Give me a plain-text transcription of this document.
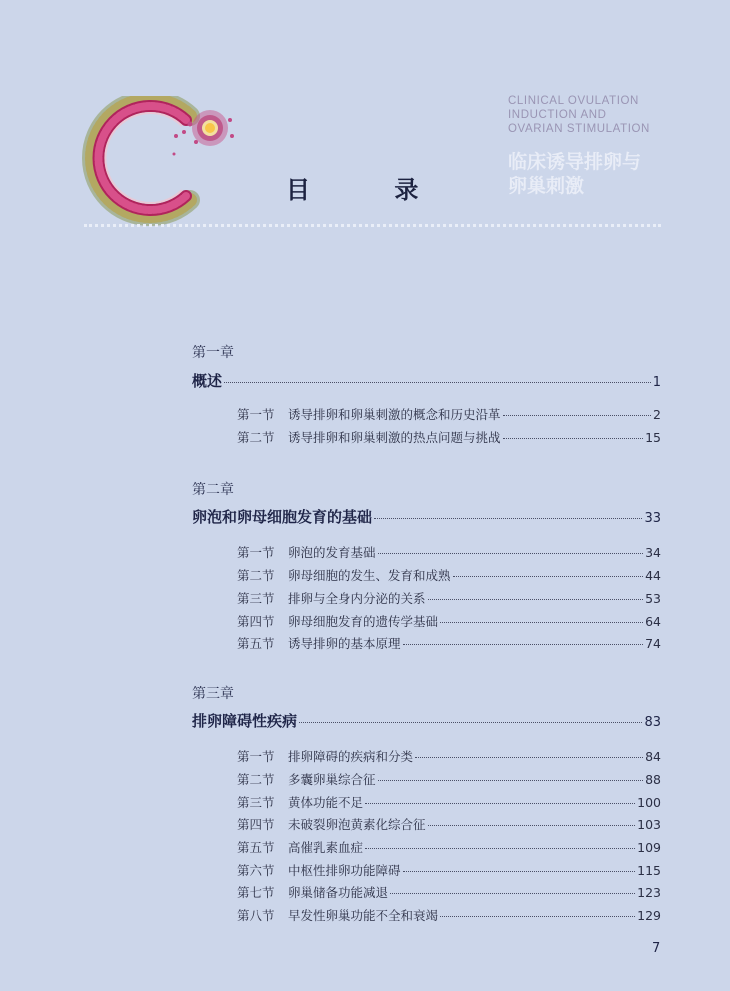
目 录
CLINICAL OVULATION
INDUCTION AND
OVARIAN STIMULATION
临床诱导排卵与
卵巢刺激
第一章
概述	1
第一节	诱导排卵和卵巢刺激的概念和历史沿革	2
第二节	诱导排卵和卵巢刺激的热点问题与挑战	15
第二章
卵泡和卵母细胞发育的基础	33
第一节	卵泡的发育基础	34
第二节	卵母细胞的发生、发育和成熟	44
第三节	排卵与全身内分泌的关系	53
第四节	卵母细胞发育的遗传学基础	64
第五节	诱导排卵的基本原理	74
第三章
排卵障碍性疾病	83
第一节	排卵障碍的疾病和分类	84
第二节	多囊卵巢综合征	88
第三节	黄体功能不足	100
第四节	未破裂卵泡黄素化综合征	103
第五节	高催乳素血症	109
第六节	中枢性排卵功能障碍	115
第七节	卵巢储备功能减退	123
第八节	早发性卵巢功能不全和衰竭	129
7
